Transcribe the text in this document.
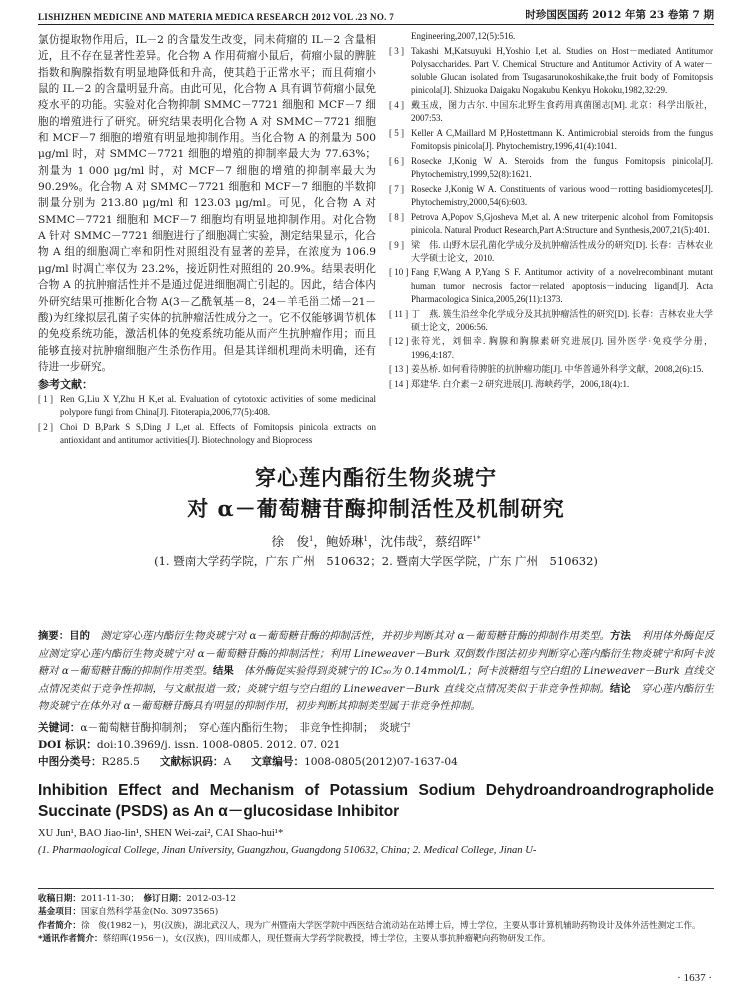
LISHIZHEN MEDICINE AND MATERIA MEDICA RESEARCH 2012 VOL .23 NO. 7	时珍国医国药 2012 年第 23 卷第 7 期

氯仿提取物作用后，IL－2 的含量发生改变，同未荷瘤的 IL－2 含量相近，且不存在显著性差异。化合物 A 作用荷瘤小鼠后，荷瘤小鼠的脾脏指数和胸腺指数有明显地降低和升高，使其趋于正常水平；而且荷瘤小鼠的 IL－2 的含量明显升高。由此可见，化合物 A 具有调节荷瘤小鼠免疫水平的功能。实验对化合物抑制 SMMC－7721 细胞和 MCF－7 细胞的增殖进行了研究。研究结果表明化合物 A 对 SMMC－7721 细胞和 MCF－7 细胞的增殖有明显地抑制作用。当化合物 A 的剂量为 500 μg/ml 时，对 SMMC－7721 细胞的增殖的抑制率最大为 77.63%；剂量为 1 000 μg/ml 时，对 MCF－7 细胞的增殖的抑制率最大为 90.29%。化合物 A 对 SMMC－7721 细胞和 MCF－7 细胞的半数抑制量分别为 213.80 μg/ml 和 123.03 μg/ml。可见，化合物 A 对 SMMC－7721 细胞和 MCF－7 细胞均有明显地抑制作用。对化合物 A 针对 SMMC－7721 细胞进行了细胞凋亡实验，测定结果显示，化合物 A 组的细胞凋亡率和阴性对照组没有显著的差异，在浓度为 106.9 μg/ml 时凋亡率仅为 23.2%，接近阴性对照组的 20.9%。结果表明化合物 A 的抗肿瘤活性并不是通过促进细胞凋亡引起的。因此，结合体内外研究结果可推断化合物 A(3－乙酰氧基－8，24－羊毛甾二烯－21－酸)为红缘拟层孔菌子实体的抗肿瘤活性成分之一。它不仅能够调节机体的免疫系统功能，激活机体的免疫系统功能从而产生抗肿瘤作用；而且能够直接对抗肿瘤细胞产生杀伤作用。但是其详细机理尚未明确，还有待进一步研究。

参考文献：
[ 1 ] Ren G,Liu X Y,Zhu H K,et al. Evaluation of cytotoxic activities of some medicinal polypore fungi from China[J]. Fitoterapia,2006,77(5):408.
[ 2 ] Choi D B,Park S S,Ding J L,et al. Effects of Fomitopsis pinicola extracts on antioxidant and antitumor activities[J]. Biotechnology and Bioprocess
Engineering,2007,12(5):516.
[ 3 ] Takashi M,Katsuyuki H,Yoshio I,et al. Studies on Host－mediated Antitumor Polysaccharides. Part V. Chemical Structure and Antitumor Activity of A water－soluble Glucan isolated from Tsugasarunokoshikake,the fruit body of Fomitopsis pinicola[J]. Shizuoka Daigaku Nogakubu Kenkyu Hokoku,1982,32:29.
[ 4 ] 戴玉成，图力古尔. 中国东北野生食药用真菌图志[M]. 北京：科学出版社，2007:53.
[ 5 ] Keller A C,Maillard M P,Hostettmann K. Antimicrobial steroids from the fungus Fomitopsis pinicola[J]. Phytochemistry,1996,41(4):1041.
[ 6 ] Rosecke J,Konig W A. Steroids from the fungus Fomitopsis pinicola[J]. Phytochemistry,1999,52(8):1621.
[ 7 ] Rosecke J,Konig W A. Constituents of various wood－rotting basidiomycetes[J]. Phytochemistry,2000,54(6):603.
[ 8 ] Petrova A,Popov S,Gjosheva M,et al. A new triterpenic alcohol from Fomitopsis pinicola. Natural Product Research,Part A:Structure and Synthesis,2007,21(5):401.
[ 9 ] 梁　伟. 山野木层孔菌化学成分及抗肿瘤活性成分的研究[D]. 长春：吉林农业大学硕士论文，2010.
[ 10 ] Fang F,Wang A P,Yang S F. Antitumor activity of a novelrecombinant mutant human tumor necrosis factor－related apoptosis－inducing ligand[J]. Acta Pharmacologica Sinica,2005,26(11):1373.
[ 11 ] 丁　燕. 簇生沿丝伞化学成分及其抗肿瘤活性的研究[D]. 长春：吉林农业大学硕士论文，2006:56.
[ 12 ] 张符光，刘佃幸. 胸腺和胸腺素研究进展[J]. 国外医学·免疫学分册，1996,4:187.
[ 13 ] 姜丛桥. 如何看待脾脏的抗肿瘤功能[J]. 中华普通外科学文献，2008,2(6):15.
[ 14 ] 郑建华. 白介素－2 研究进展[J]. 海峡药学，2006,18(4):1.

穿心莲内酯衍生物炎琥宁

对 α－葡萄糖苷酶抑制活性及机制研究

徐　俊$^1$，鲍娇琳$^1$，沈伟哉$^2$，蔡绍晖$^{1*}$

(1. 暨南大学药学院，广东 广州　510632；2. 暨南大学医学院，广东 广州　510632)

摘要：目的　 测定穿心莲内酯衍生物炎琥宁对 α－葡萄糖苷酶的抑制活性，并初步判断其对 α－葡萄糖苷酶的抑制作用类型。方法　 利用体外酶促反应测定穿心莲内酯衍生物炎琥宁对 α－葡萄糖苷酶的抑制活性；利用 Lineweaver－Burk 双倒数作图法初步判断穿心莲内酯衍生物炎琥宁和阿卡波糖对 α－葡萄糖苷酶的抑制作用类型。结果　 体外酶促实验得到炎琥宁的 IC₅₀为 0.14mmol/L；阿卡波糖组与空白组的 Lineweaver－Burk 直线交点情况类似于竞争性抑制，与文献报道一致；炎琥宁组与空白组的 Lineweaver－Burk 直线交点情况类似于非竞争性抑制。结论　 穿心莲内酯衍生物炎琥宁在体外对 α－葡萄糖苷酶具有明显的抑制作用，初步判断其抑制类型属于非竞争性抑制。

关键词：α－葡萄糖苷酶抑制剂；　穿心莲内酯衍生物；　非竞争性抑制；　炎琥宁

DOI 标识：doi:10.3969/j. issn. 1008-0805. 2012. 07. 021

中图分类号：R285.5 文献标识码：A 文章编号：1008-0805(2012)07-1637-04

Inhibition Effect and Mechanism of Potassium Sodium Dehydroandroandrographolide Succinate (PSDS) as An α－glucosidase Inhibitor

XU Jun¹, BAO Jiao-lin¹, SHEN Wei-zai², CAI Shao-hui¹*

(1. Pharmaological College, Jinan University, Guangzhou, Guangdong 510632, China; 2. Medical College, Jinan U-

收稿日期：2011-11-30；　 修订日期：2012-03-12

基金项目：国家自然科学基金(No. 30973565)

作者简介：徐　俊(1982－)，男(汉族)，湖北武汉人，现为广州暨南大学医学院中西医结合流动站在站博士后，博士学位，主要从事计算机辅助药物设计及体外活性测定工作。

*通讯作者简介：蔡绍晖(1956－)，女(汉族)，四川成都人，现任暨南大学药学院教授，博士学位，主要从事抗肿瘤靶向药物研发工作。

· 1637 ·
